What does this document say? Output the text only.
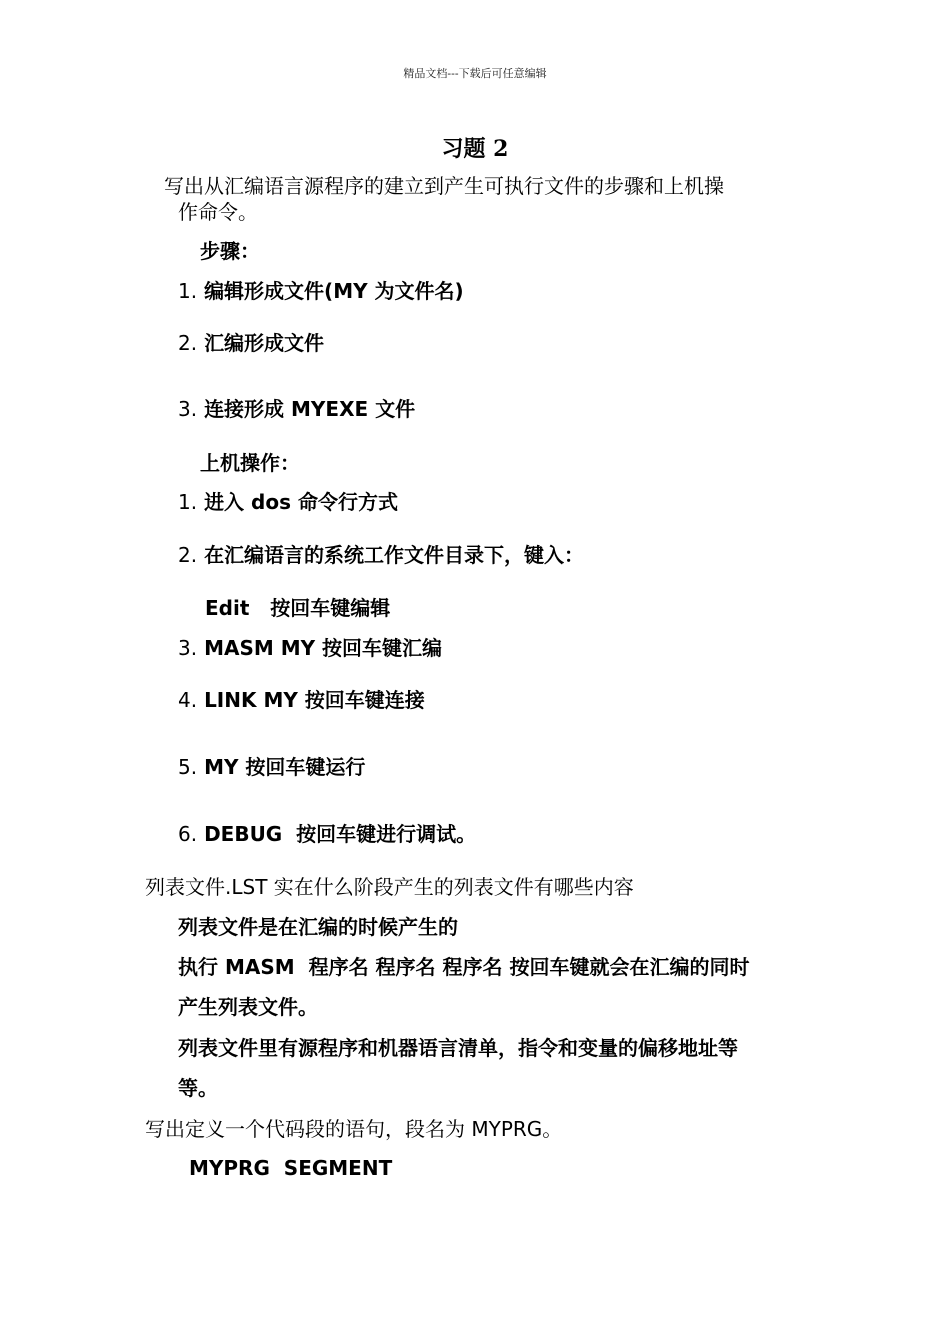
精品文档---下载后可任意编辑
习题 2
写出从汇编语言源程序的建立到产生可执行文件的步骤和上机操
作命令。
步骤：
1. 编辑形成文件(MY 为文件名)
2. 汇编形成文件
3. 连接形成 MYEXE 文件
上机操作：
1. 进入 dos 命令行方式
2. 在汇编语言的系统工作文件目录下，键入：
Edit   按回车键编辑
3. MASM MY 按回车键汇编
4. LINK MY 按回车键连接
5. MY 按回车键运行
6. DEBUG  按回车键进行调试。
列表文件.LST 实在什么阶段产生的列表文件有哪些内容
列表文件是在汇编的时候产生的
执行 MASM  程序名 程序名 程序名 按回车键就会在汇编的同时
产生列表文件。
列表文件里有源程序和机器语言清单，指令和变量的偏移地址等
等。
写出定义一个代码段的语句，段名为 MYPRG。
MYPRG  SEGMENT
